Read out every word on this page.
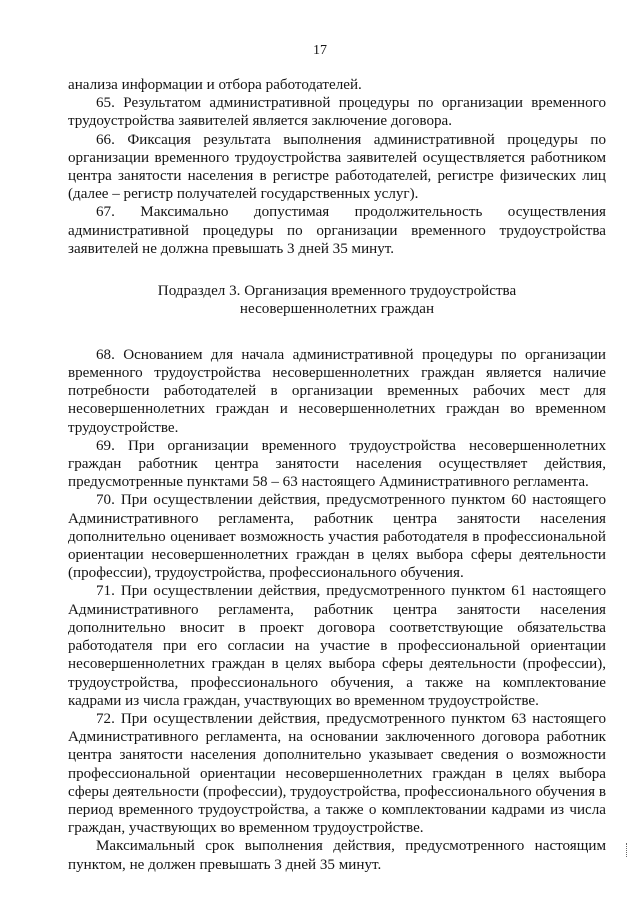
17

анализа информации и отбора работодателей.

65. Результатом административной процедуры по организации временного трудоустройства заявителей является заключение договора.

66. Фиксация результата выполнения административной процедуры по организации временного трудоустройства заявителей осуществляется работником центра занятости населения в регистре работодателей, регистре физических лиц (далее – регистр получателей государственных услуг).

67. Максимально допустимая продолжительность осуществления административной процедуры по организации временного трудоустройства заявителей не должна превышать 3 дней 35 минут.

Подраздел 3. Организация временного трудоустройства
несовершеннолетних граждан

68. Основанием для начала административной процедуры по организации временного трудоустройства несовершеннолетних граждан является наличие потребности работодателей в организации временных рабочих мест для несовершеннолетних граждан и несовершеннолетних граждан во временном трудоустройстве.

69. При организации временного трудоустройства несовершеннолетних граждан работник центра занятости населения осуществляет действия, предусмотренные пунктами 58 – 63 настоящего Административного регламента.

70. При осуществлении действия, предусмотренного пунктом 60 настоящего Административного регламента, работник центра занятости населения дополнительно оценивает возможность участия работодателя в профессиональной ориентации несовершеннолетних граждан в целях выбора сферы деятельности (профессии), трудоустройства, профессионального обучения.

71. При осуществлении действия, предусмотренного пунктом 61 настоящего Административного регламента, работник центра занятости населения дополнительно вносит в проект договора соответствующие обязательства работодателя при его согласии на участие в профессиональной ориентации несовершеннолетних граждан в целях выбора сферы деятельности (профессии), трудоустройства, профессионального обучения, а также на комплектование кадрами из числа граждан, участвующих во временном трудоустройстве.

72. При осуществлении действия, предусмотренного пунктом 63 настоящего Административного регламента, на основании заключенного договора работник центра занятости населения дополнительно указывает сведения о возможности профессиональной ориентации несовершеннолетних граждан в целях выбора сферы деятельности (профессии), трудоустройства, профессионального обучения в период временного трудоустройства, а также о комплектовании кадрами из числа граждан, участвующих во временном трудоустройстве.

Максимальный срок выполнения действия, предусмотренного настоящим пунктом, не должен превышать 3 дней 35 минут.
